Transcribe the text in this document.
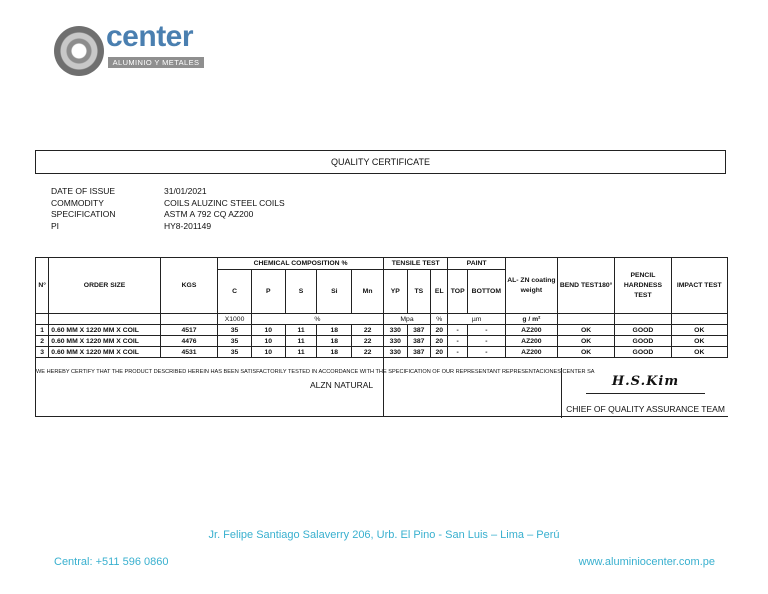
center
ALUMINIO Y METALES
QUALITY CERTIFICATE
DATE OF ISSUE	31/01/2021
COMMODITY	COILS ALUZINC STEEL COILS
SPECIFICATION	ASTM A 792 CQ AZ200
PI	HY8-201149
N°	ORDER SIZE	KGS	CHEMICAL COMPOSITION %					TENSILE TEST			PAINT		AL- ZN coating weight	BEND TEST180°	PENCIL HARDNESS TEST	IMPACT TEST
			C	P	S	Si	Mn	YP	TS	EL	TOP	BOTTOM				
			X1000	%				Mpa		%	µm		g / m²			
1	0.60 MM X 1220 MM X COIL	4517	35	10	11	18	22	330	387	20	-	-	AZ200	OK	GOOD	OK
2	0.60 MM X 1220 MM X COIL	4476	35	10	11	18	22	330	387	20	-	-	AZ200	OK	GOOD	OK
3	0.60 MM X 1220 MM X COIL	4531	35	10	11	18	22	330	387	20	-	-	AZ200	OK	GOOD	OK
WE HEREBY CERTIFY THAT THE PRODUCT DESCRIBED HEREIN HAS BEEN SATISFACTORILY TESTED IN ACCORDANCE WITH THE SPECIFICATION OF OUR REPRESENTANT REPRESENTACIONES CENTER SA																
ALZN NATURAL	H.S.Kim
CHIEF OF QUALITY ASSURANCE TEAM
Jr. Felipe Santiago Salaverry 206, Urb. El Pino - San Luis – Lima – Perú
Central: +511 596 0860	www.aluminiocenter.com.pe
